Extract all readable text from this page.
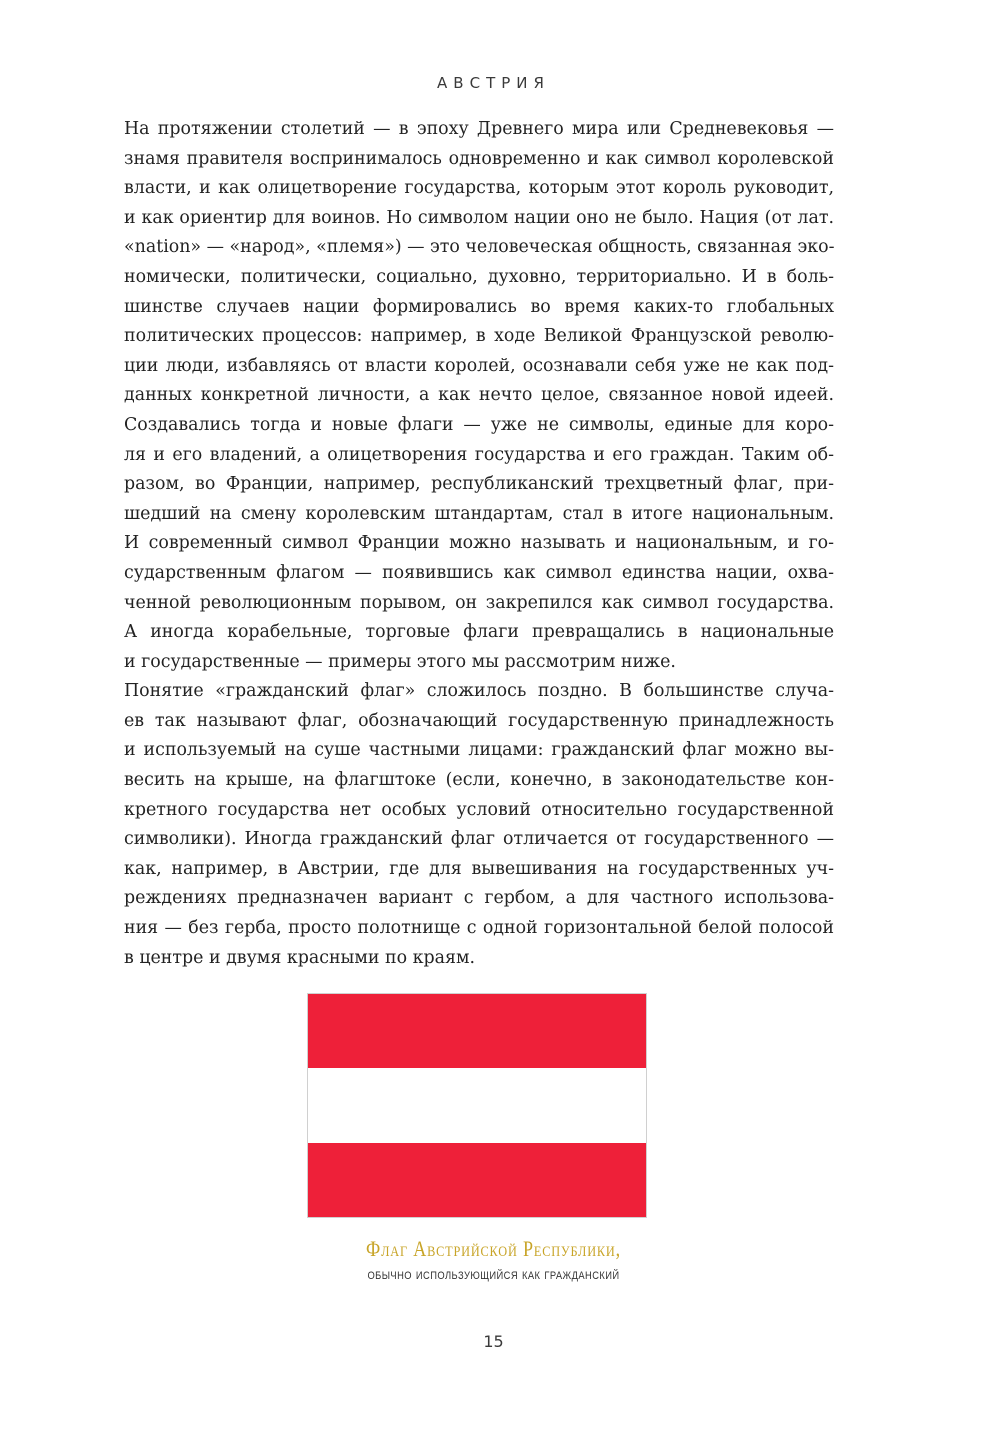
АВСТРИЯ
На протяжении столетий — в эпоху Древнего мира или Средневековья —
знамя правителя воспринималось одновременно и как символ королевской
власти, и как олицетворение государства, которым этот король руководит,
и как ориентир для воинов. Но символом нации оно не было. Нация (от лат.
«nation» — «народ», «племя») — это человеческая общность, связанная эко-
номически, политически, социально, духовно, территориально. И в боль-
шинстве случаев нации формировались во время каких-то глобальных
политических процессов: например, в ходе Великой Французской револю-
ции люди, избавляясь от власти королей, осознавали себя уже не как под-
данных конкретной личности, а как нечто целое, связанное новой идеей.
Создавались тогда и новые флаги — уже не символы, единые для коро-
ля и его владений, а олицетворения государства и его граждан. Таким об-
разом, во Франции, например, республиканский трехцветный флаг, при-
шедший на смену королевским штандартам, стал в итоге национальным.
И современный символ Франции можно называть и национальным, и го-
сударственным флагом — появившись как символ единства нации, охва-
ченной революционным порывом, он закрепился как символ государства.
А иногда корабельные, торговые флаги превращались в национальные
и государственные — примеры этого мы рассмотрим ниже.
Понятие «гражданский флаг» сложилось поздно. В большинстве случа-
ев так называют флаг, обозначающий государственную принадлежность
и используемый на суше частными лицами: гражданский флаг можно вы-
весить на крыше, на флагштоке (если, конечно, в законодательстве кон-
кретного государства нет особых условий относительно государственной
символики). Иногда гражданский флаг отличается от государственного —
как, например, в Австрии, где для вывешивания на государственных уч-
реждениях предназначен вариант с гербом, а для частного использова-
ния — без герба, просто полотнище с одной горизонтальной белой полосой
в центре и двумя красными по краям.
Флаг Австрийской Республики,
обычно использующийся как гражданский
15
